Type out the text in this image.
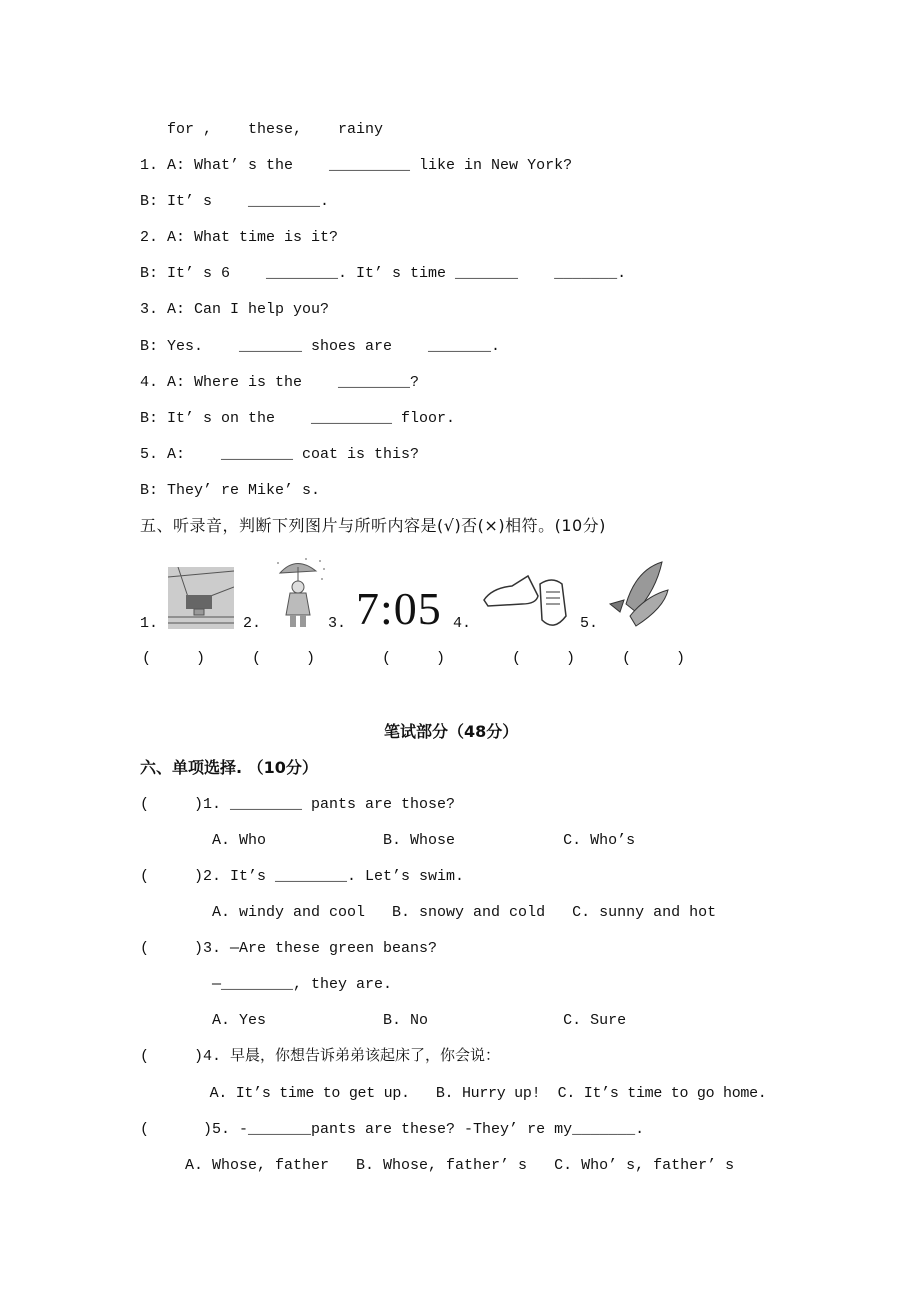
for ,    these,    rainy
1. A: What’ s the    _________ like in New York?
B: It’ s    ________.
2. A: What time is it?
B: It’ s 6    ________. It’ s time _______    _______.
3. A: Can I help you?
B: Yes.    _______ shoes are    _______.
4. A: Where is the    ________?
B: It’ s on the    _________ floor.
5. A:    ________ coat is this?
B: They’ re Mike’ s.
五、听录音，判断下列图片与所听内容是(√)否(×)相符。(10分)
1.	2.	3. 7:05 4.	5.
(     )	(     )	(     )	(     )	(     )
笔试部分（48分）
六、单项选择. （10分）
(     )1. ________ pants are those?
A. Who             B. Whose            C. Who’s
(     )2. It’s ________. Let’s swim.
A. windy and cool   B. snowy and cold   C. sunny and hot
(     )3. —Are these green beans?
—________, they are.
A. Yes             B. No               C. Sure
(     )4. 早晨，你想告诉弟弟该起床了，你会说：
A. It’s time to get up.   B. Hurry up!  C. It’s time to go home.
(      )5. -_______pants are these? -They’ re my_______.
A. Whose, father   B. Whose, father’ s   C. Who’ s, father’ s
